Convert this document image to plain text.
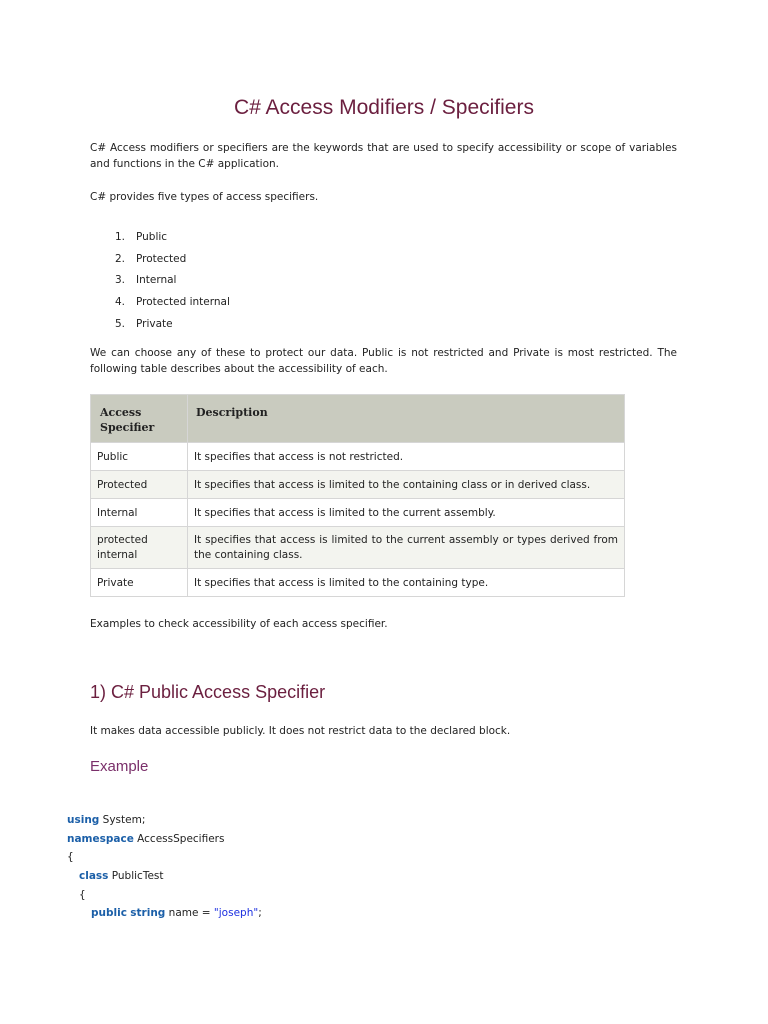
C# Access Modifiers / Specifiers

C# Access modifiers or specifiers are the keywords that are used to specify accessibility or scope of variables and functions in the C# application.

C# provides five types of access specifiers.

1.	Public
2.	Protected
3.	Internal
4.	Protected internal
5.	Private

We can choose any of these to protect our data. Public is not restricted and Private is most restricted. The following table describes about the accessibility of each.

Access Specifier	Description
Public	It specifies that access is not restricted.
Protected	It specifies that access is limited to the containing class or in derived class.
Internal	It specifies that access is limited to the current assembly.
protected internal	It specifies that access is limited to the current assembly or types derived from the containing class.
Private	It specifies that access is limited to the containing type.

Examples to check accessibility of each access specifier.

1) C# Public Access Specifier

It makes data accessible publicly. It does not restrict data to the declared block.

Example
using System;
namespace AccessSpecifiers
{
class PublicTest
{
public string name = "joseph";
